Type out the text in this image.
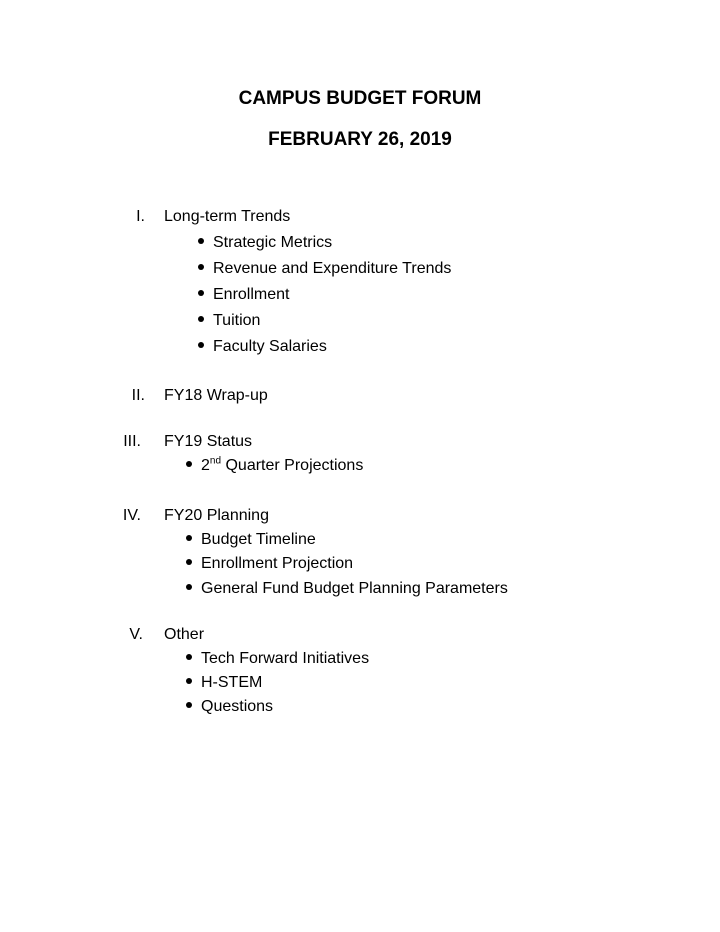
CAMPUS BUDGET FORUM
FEBRUARY 26, 2019
I. Long-term Trends
Strategic Metrics
Revenue and Expenditure Trends
Enrollment
Tuition
Faculty Salaries
II. FY18 Wrap-up
III. FY19 Status
2nd Quarter Projections
IV. FY20 Planning
Budget Timeline
Enrollment Projection
General Fund Budget Planning Parameters
V. Other
Tech Forward Initiatives
H-STEM
Questions
